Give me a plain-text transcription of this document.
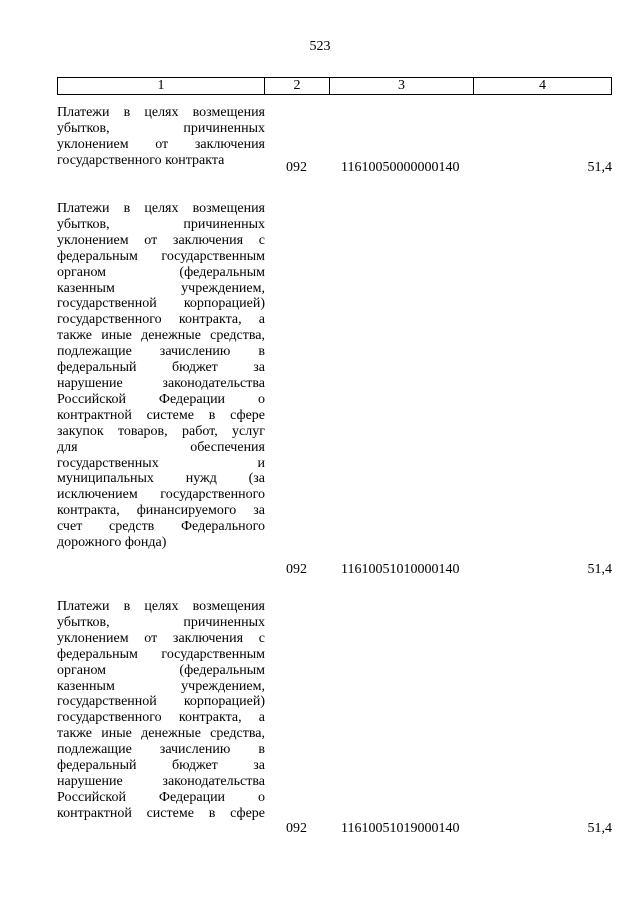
523
1	2	3	4
Платежи в целях возмещения
убытков, причиненных
уклонением от заключения
государственного контракта	092 11610050000000140	51,4
Платежи в целях возмещения
убытков, причиненных
уклонением от заключения с
федеральным государственным
органом (федеральным
казенным учреждением,
государственной корпорацией)
государственного контракта, а
также иные денежные средства,
подлежащие зачислению в
федеральный бюджет за
нарушение законодательства
Российской Федерации о
контрактной системе в сфере
закупок товаров, работ, услуг
для обеспечения
государственных и
муниципальных нужд (за
исключением государственного
контракта, финансируемого за
счет средств Федерального
дорожного фонда)
092 11610051010000140	51,4
Платежи в целях возмещения
убытков, причиненных
уклонением от заключения с
федеральным государственным
органом (федеральным
казенным учреждением,
государственной корпорацией)
государственного контракта, а
также иные денежные средства,
подлежащие зачислению в
федеральный бюджет за
нарушение законодательства
Российской Федерации о
контрактной системе в сфере
092 11610051019000140	51,4
